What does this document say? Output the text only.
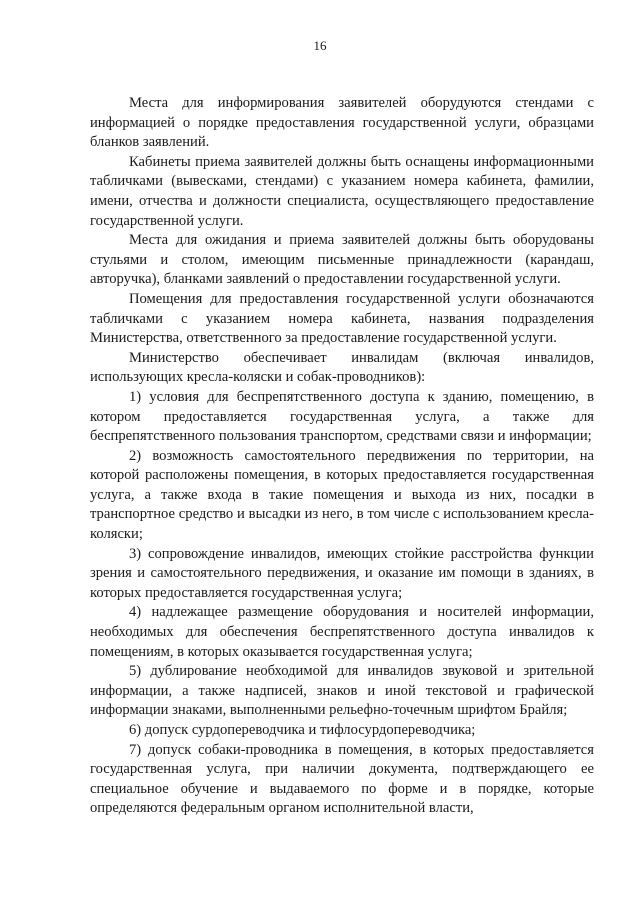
16

Места для информирования заявителей оборудуются стендами с информацией о порядке предоставления государственной услуги, образцами бланков заявлений.

Кабинеты приема заявителей должны быть оснащены информационными табличками (вывесками, стендами) с указанием номера кабинета, фамилии, имени, отчества и должности специалиста, осуществляющего предоставление государственной услуги.

Места для ожидания и приема заявителей должны быть оборудованы стульями и столом, имеющим письменные принадлежности (карандаш, авторучка), бланками заявлений о предоставлении государственной услуги.

Помещения для предоставления государственной услуги обозначаются табличками с указанием номера кабинета, названия подразделения Министерства, ответственного за предоставление государственной услуги.

Министерство обеспечивает инвалидам (включая инвалидов, использующих кресла-коляски и собак-проводников):

1) условия для беспрепятственного доступа к зданию, помещению, в котором предоставляется государственная услуга, а также для беспрепятственного пользования транспортом, средствами связи и информации;

2) возможность самостоятельного передвижения по территории, на которой расположены помещения, в которых предоставляется государственная услуга, а также входа в такие помещения и выхода из них, посадки в транспортное средство и высадки из него, в том числе с использованием кресла-коляски;

3) сопровождение инвалидов, имеющих стойкие расстройства функции зрения и самостоятельного передвижения, и оказание им помощи в зданиях, в которых предоставляется государственная услуга;

4) надлежащее размещение оборудования и носителей информации, необходимых для обеспечения беспрепятственного доступа инвалидов к помещениям, в которых оказывается государственная услуга;

5) дублирование необходимой для инвалидов звуковой и зрительной информации, а также надписей, знаков и иной текстовой и графической информации знаками, выполненными рельефно-точечным шрифтом Брайля;

6) допуск сурдопереводчика и тифлосурдопереводчика;

7) допуск собаки-проводника в помещения, в которых предоставляется государственная услуга, при наличии документа, подтверждающего ее специальное обучение и выдаваемого по форме и в порядке, которые определяются федеральным органом исполнительной власти,
